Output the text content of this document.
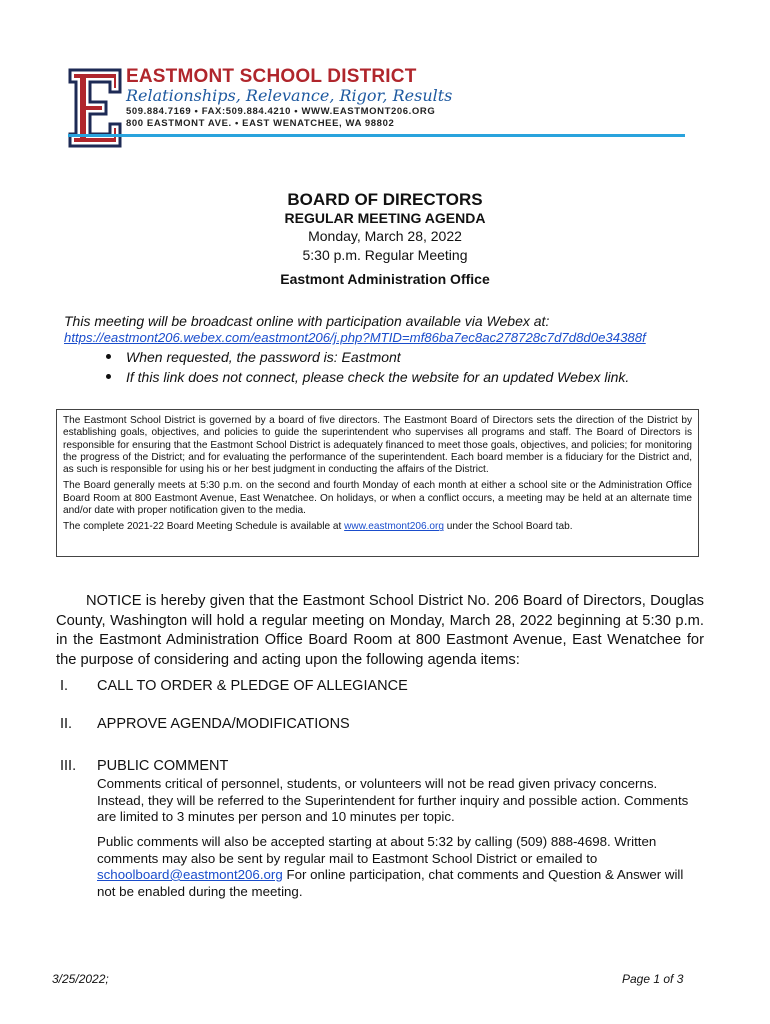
EASTMONT SCHOOL DISTRICT
Relationships, Relevance, Rigor, Results
509.884.7169 • FAX:509.884.4210 • WWW.EASTMONT206.ORG
800 EASTMONT AVE. • EAST WENATCHEE, WA 98802
BOARD OF DIRECTORS
REGULAR MEETING AGENDA
Monday, March 28, 2022
5:30 p.m. Regular Meeting
Eastmont Administration Office
This meeting will be broadcast online with participation available via Webex at:
https://eastmont206.webex.com/eastmont206/j.php?MTID=mf86ba7ec8ac278728c7d7d8d0e34388f
When requested, the password is: Eastmont
If this link does not connect, please check the website for an updated Webex link.

The Eastmont School District is governed by a board of five directors. The Eastmont Board of Directors sets the direction of the District by establishing goals, objectives, and policies to guide the superintendent who supervises all programs and staff. The Board of Directors is responsible for ensuring that the Eastmont School District is adequately financed to meet those goals, objectives, and policies; for monitoring the progress of the District; and for evaluating the performance of the superintendent. Each board member is a fiduciary for the District and, as such is responsible for using his or her best judgment in conducting the affairs of the District.

The Board generally meets at 5:30 p.m. on the second and fourth Monday of each month at either a school site or the Administration Office Board Room at 800 Eastmont Avenue, East Wenatchee. On holidays, or when a conflict occurs, a meeting may be held at an alternate time and/or date with proper notification given to the media.

The complete 2021-22 Board Meeting Schedule is available at www.eastmont206.org under the School Board tab.

NOTICE is hereby given that the Eastmont School District No. 206 Board of Directors, Douglas County, Washington will hold a regular meeting on Monday, March 28, 2022 beginning at 5:30 p.m. in the Eastmont Administration Office Board Room at 800 Eastmont Avenue, East Wenatchee for the purpose of considering and acting upon the following agenda items:
I. CALL TO ORDER & PLEDGE OF ALLEGIANCE
II. APPROVE AGENDA/MODIFICATIONS
III. PUBLIC COMMENT

Comments critical of personnel, students, or volunteers will not be read given privacy concerns. Instead, they will be referred to the Superintendent for further inquiry and possible action. Comments are limited to 3 minutes per person and 10 minutes per topic.

Public comments will also be accepted starting at about 5:32 by calling (509) 888-4698. Written comments may also be sent by regular mail to Eastmont School District or emailed to schoolboard@eastmont206.org For online participation, chat comments and Question & Answer will not be enabled during the meeting.

3/25/2022;	Page 1 of 3
